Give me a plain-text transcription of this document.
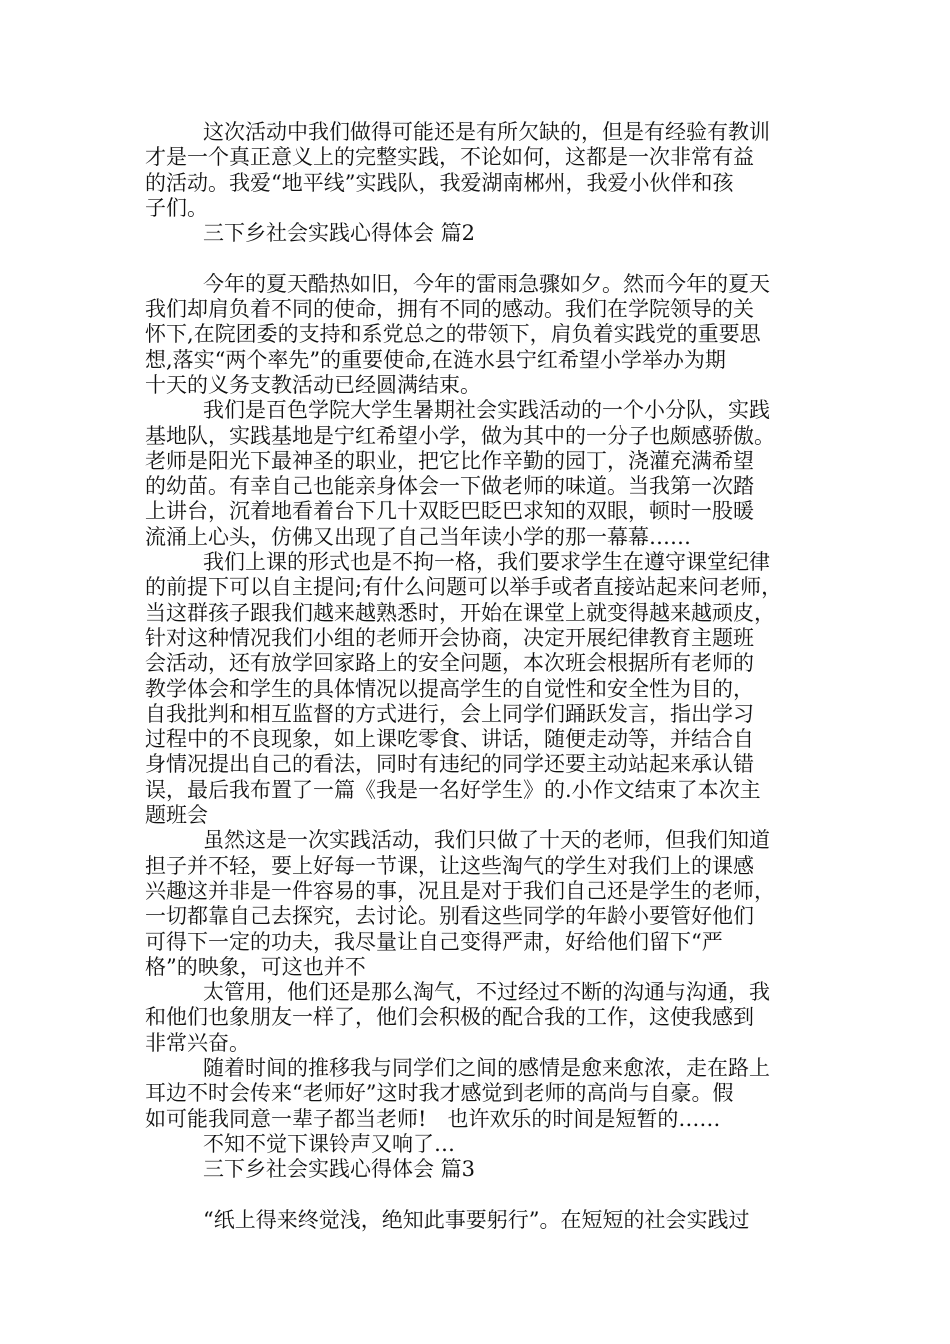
这次活动中我们做得可能还是有所欠缺的，但是有经验有教训
才是一个真正意义上的完整实践，不论如何，这都是一次非常有益
的活动。我爱“地平线”实践队，我爱湖南郴州，我爱小伙伴和孩
子们。
三下乡社会实践心得体会 篇2
今年的夏天酷热如旧，今年的雷雨急骤如夕。然而今年的夏天
我们却肩负着不同的使命，拥有不同的感动。我们在学院领导的关
怀下,在院团委的支持和系党总之的带领下，肩负着实践党的重要思
想,落实“两个率先”的重要使命,在涟水县宁红希望小学举办为期
十天的义务支教活动已经圆满结束。
我们是百色学院大学生暑期社会实践活动的一个小分队，实践
基地队，实践基地是宁红希望小学，做为其中的一分子也颇感骄傲。
老师是阳光下最神圣的职业，把它比作辛勤的园丁，浇灌充满希望
的幼苗。有幸自己也能亲身体会一下做老师的味道。当我第一次踏
上讲台，沉着地看着台下几十双眨巴眨巴求知的双眼，顿时一股暖
流涌上心头，仿佛又出现了自己当年读小学的那一幕幕……
我们上课的形式也是不拘一格，我们要求学生在遵守课堂纪律
的前提下可以自主提问;有什么问题可以举手或者直接站起来问老师，
当这群孩子跟我们越来越熟悉时，开始在课堂上就变得越来越顽皮，
针对这种情况我们小组的老师开会协商，决定开展纪律教育主题班
会活动，还有放学回家路上的安全问题，本次班会根据所有老师的
教学体会和学生的具体情况以提高学生的自觉性和安全性为目的，
自我批判和相互监督的方式进行，会上同学们踊跃发言，指出学习
过程中的不良现象，如上课吃零食、讲话，随便走动等，并结合自
身情况提出自己的看法，同时有违纪的同学还要主动站起来承认错
误，最后我布置了一篇《我是一名好学生》的.小作文结束了本次主
题班会
虽然这是一次实践活动，我们只做了十天的老师，但我们知道
担子并不轻，要上好每一节课，让这些淘气的学生对我们上的课感
兴趣这并非是一件容易的事，况且是对于我们自己还是学生的老师，
一切都靠自己去探究，去讨论。别看这些同学的年龄小要管好他们
可得下一定的功夫，我尽量让自己变得严肃，好给他们留下“严
格”的映象，可这也并不
太管用，他们还是那么淘气，不过经过不断的沟通与沟通，我
和他们也象朋友一样了，他们会积极的配合我的工作，这使我感到
非常兴奋。
随着时间的推移我与同学们之间的感情是愈来愈浓，走在路上
耳边不时会传来“老师好”这时我才感觉到老师的高尚与自豪。假
如可能我同意一辈子都当老师!　也许欢乐的时间是短暂的……
不知不觉下课铃声又响了…
三下乡社会实践心得体会 篇3
“纸上得来终觉浅，绝知此事要躬行”。在短短的社会实践过
